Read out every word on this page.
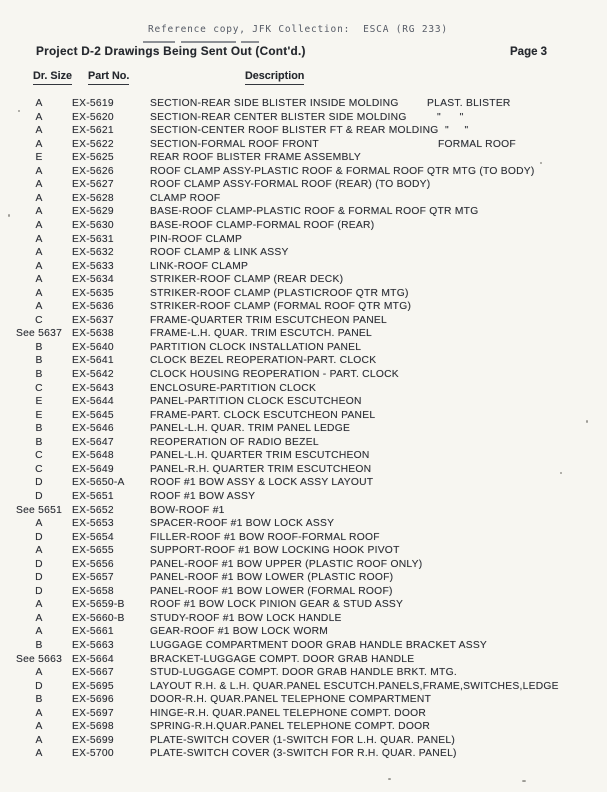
Reference copy, JFK Collection:  ESCA (RG 233)
Project D-2 Drawings Being Sent Out (Cont'd.)	Page 3
Dr. Size Part No.	Description
A	EX-5619	SECTION-REAR SIDE BLISTER INSIDE MOLDING	PLAST. BLISTER
A	EX-5620	SECTION-REAR CENTER BLISTER SIDE MOLDING	"      "
A	EX-5621	SECTION-CENTER ROOF BLISTER FT & REAR MOLDING "     "
A	EX-5622	SECTION-FORMAL ROOF FRONT	FORMAL ROOF
E	EX-5625	REAR ROOF BLISTER FRAME ASSEMBLY
A	EX-5626	ROOF CLAMP ASSY-PLASTIC ROOF & FORMAL ROOF QTR MTG (TO BODY)
A	EX-5627	ROOF CLAMP ASSY-FORMAL ROOF (REAR) (TO BODY)
A	EX-5628	CLAMP ROOF
A	EX-5629	BASE-ROOF CLAMP-PLASTIC ROOF & FORMAL ROOF QTR MTG
A	EX-5630	BASE-ROOF CLAMP-FORMAL ROOF (REAR)
A	EX-5631	PIN-ROOF CLAMP
A	EX-5632	ROOF CLAMP & LINK ASSY
A	EX-5633	LINK-ROOF CLAMP
A	EX-5634	STRIKER-ROOF CLAMP (REAR DECK)
A	EX-5635	STRIKER-ROOF CLAMP (PLASTICROOF QTR MTG)
A	EX-5636	STRIKER-ROOF CLAMP (FORMAL ROOF QTR MTG)
C	EX-5637	FRAME-QUARTER TRIM ESCUTCHEON PANEL
See 5637 EX-5638	FRAME-L.H. QUAR. TRIM ESCUTCH. PANEL
B	EX-5640	PARTITION CLOCK INSTALLATION PANEL
B	EX-5641	CLOCK BEZEL REOPERATION-PART. CLOCK
B	EX-5642	CLOCK HOUSING REOPERATION - PART. CLOCK
C	EX-5643	ENCLOSURE-PARTITION CLOCK
E	EX-5644	PANEL-PARTITION CLOCK ESCUTCHEON
E	EX-5645	FRAME-PART. CLOCK ESCUTCHEON PANEL
B	EX-5646	PANEL-L.H. QUAR. TRIM PANEL LEDGE
B	EX-5647	REOPERATION OF RADIO BEZEL
C	EX-5648	PANEL-L.H. QUARTER TRIM ESCUTCHEON
C	EX-5649	PANEL-R.H. QUARTER TRIM ESCUTCHEON
D	EX-5650-A ROOF #1 BOW ASSY & LOCK ASSY LAYOUT
D	EX-5651	ROOF #1 BOW ASSY
See 5651 EX-5652	BOW-ROOF #1
A	EX-5653	SPACER-ROOF #1 BOW LOCK ASSY
D	EX-5654	FILLER-ROOF #1 BOW ROOF-FORMAL ROOF
A	EX-5655	SUPPORT-ROOF #1 BOW LOCKING HOOK PIVOT
D	EX-5656	PANEL-ROOF #1 BOW UPPER (PLASTIC ROOF ONLY)
D	EX-5657	PANEL-ROOF #1 BOW LOWER (PLASTIC ROOF)
D	EX-5658	PANEL-ROOF #1 BOW LOWER (FORMAL ROOF)
A	EX-5659-B ROOF #1 BOW LOCK PINION GEAR & STUD ASSY
A	EX-5660-B STUDY-ROOF #1 BOW LOCK HANDLE
A	EX-5661	GEAR-ROOF #1 BOW LOCK WORM
B	EX-5663	LUGGAGE COMPARTMENT DOOR GRAB HANDLE BRACKET ASSY
See 5663 EX-5664	BRACKET-LUGGAGE COMPT. DOOR GRAB HANDLE
A	EX-5667	STUD-LUGGAGE COMPT. DOOR GRAB HANDLE BRKT. MTG.
D	EX-5695	LAYOUT R.H. & L.H. QUAR.PANEL ESCUTCH.PANELS,FRAME,SWITCHES,LEDGE
B	EX-5696	DOOR-R.H. QUAR.PANEL TELEPHONE COMPARTMENT
A	EX-5697	HINGE-R.H. QUAR.PANEL TELEPHONE COMPT. DOOR
A	EX-5698	SPRING-R.H.QUAR.PANEL TELEPHONE COMPT. DOOR
A	EX-5699	PLATE-SWITCH COVER (1-SWITCH FOR L.H. QUAR. PANEL)
A	EX-5700	PLATE-SWITCH COVER (3-SWITCH FOR R.H. QUAR. PANEL)
